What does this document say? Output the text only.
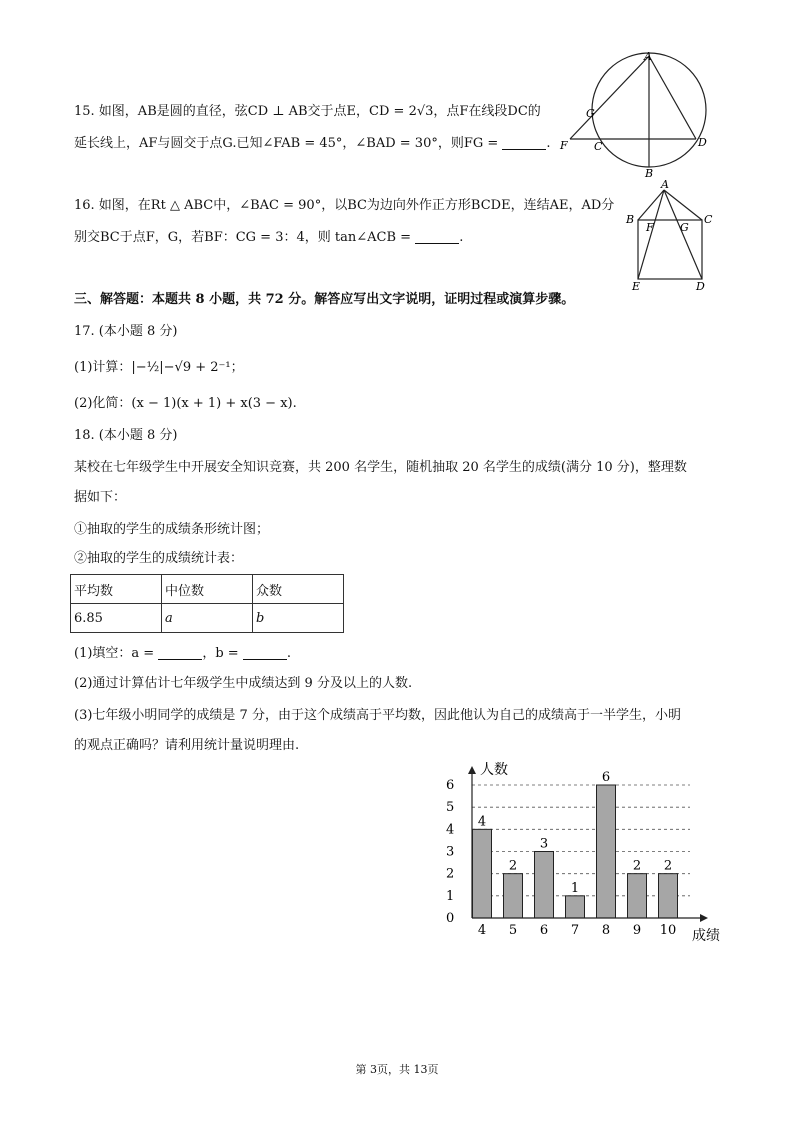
15. 如图，AB是圆的直径，弦CD ⊥ AB交于点E，CD = 2√3，点F在线段DC的
延长线上，AF与圆交于点G.已知∠FAB = 45°，∠BAD = 30°，则FG =	.
A
B
C	D
F
G
16. 如图，在Rt △ ABC中，∠BAC = 90°，以BC为边向外作正方形BCDE，连结AE，AD分
别交BC于点F，G，若BF：CG = 3：4，则 tan∠ACB =	.
A
B	C
D
E
F G
三、解答题：本题共 8 小题，共 72 分。解答应写出文字说明，证明过程或演算步骤。
17. (本小题 8 分)
(1)计算：|−½|−√9 + 2⁻¹；
(2)化简：(x − 1)(x + 1) + x(3 − x).
18. (本小题 8 分)
某校在七年级学生中开展安全知识竞赛，共 200 名学生，随机抽取 20 名学生的成绩(满分 10 分)，整理数
据如下：
①抽取的学生的成绩条形统计图；
②抽取的学生的成绩统计表：
平均数	中位数	众数
6.85	a	b
(1)填空：a =	，b =	.
(2)通过计算估计七年级学生中成绩达到 9 分及以上的人数.
(3)七年级小明同学的成绩是 7 分，由于这个成绩高于平均数，因此他认为自己的成绩高于一半学生，小明
的观点正确吗？请利用统计量说明理由.
0
1
2
3
4
5
6
4
4
2
5
3
6
1
7
6
8
2
9
2
10
人数
成绩
第 3页，共 13页
